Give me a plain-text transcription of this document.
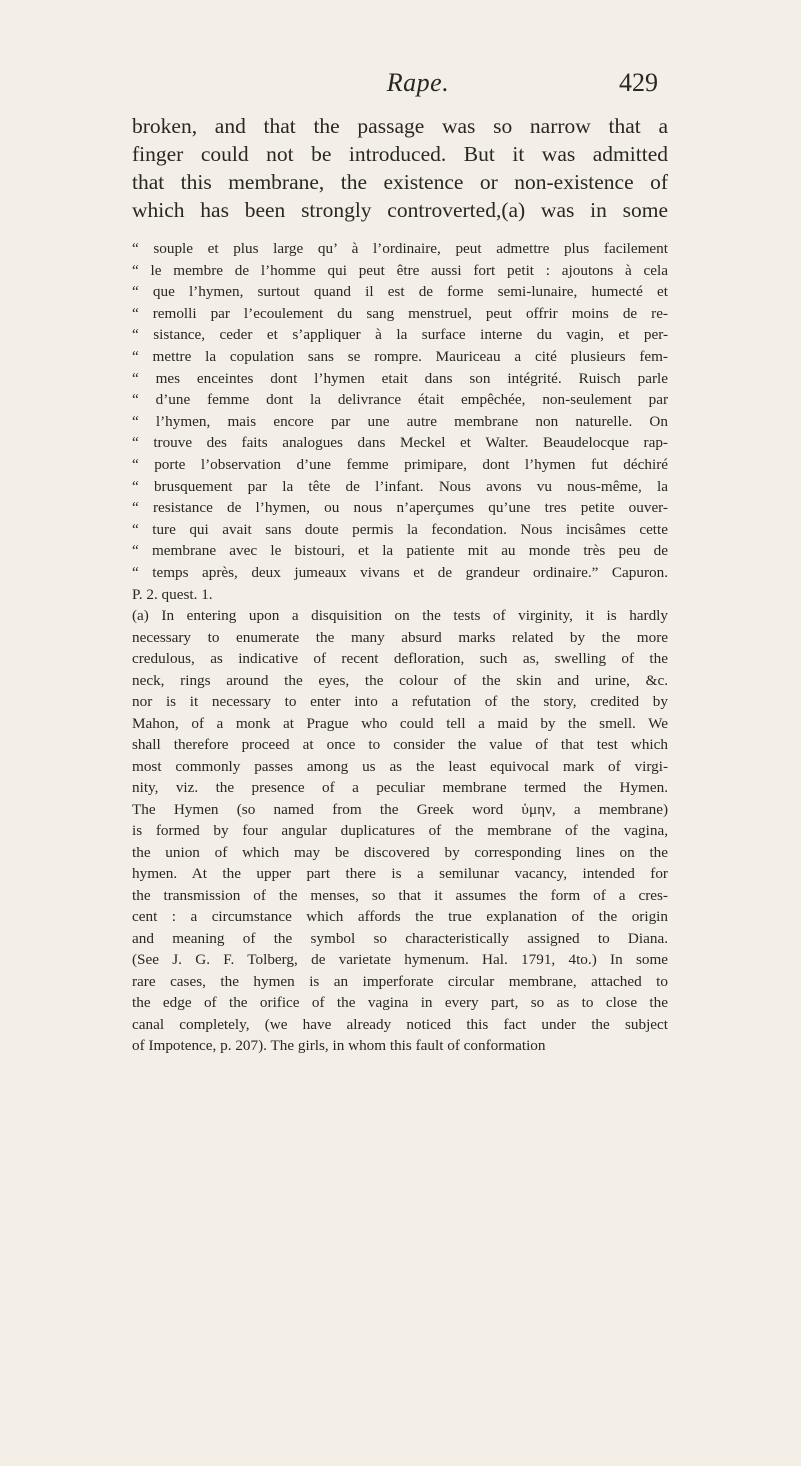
Rape.	429
broken, and that the passage was so narrow that a
finger could not be introduced. But it was admitted
that this membrane, the existence or non-existence of
which has been strongly controverted,(a) was in some
“ souple et plus large qu’ à l’ordinaire, peut admettre plus facilement
“ le membre de l’homme qui peut être aussi fort petit : ajoutons à cela
“ que l’hymen, surtout quand il est de forme semi-lunaire, humecté et
“ remolli par l’ecoulement du sang menstruel, peut offrir moins de re-
“ sistance, ceder et s’appliquer à la surface interne du vagin, et per-
“ mettre la copulation sans se rompre. Mauriceau a cité plusieurs fem-
“ mes enceintes dont l’hymen etait dans son intégrité. Ruisch parle
“ d’une femme dont la delivrance était empêchée, non-seulement par
“ l’hymen, mais encore par une autre membrane non naturelle. On
“ trouve des faits analogues dans Meckel et Walter. Beaudelocque rap-
“ porte l’observation d’une femme primipare, dont l’hymen fut déchiré
“ brusquement par la tête de l’infant. Nous avons vu nous-même, la
“ resistance de l’hymen, ou nous n’aperçumes qu’une tres petite ouver-
“ ture qui avait sans doute permis la fecondation. Nous incisâmes cette
“ membrane avec le bistouri, et la patiente mit au monde très peu de
“ temps après, deux jumeaux vivans et de grandeur ordinaire.” Capuron.
P. 2. quest. 1.
(a) In entering upon a disquisition on the tests of virginity, it is hardly
necessary to enumerate the many absurd marks related by the more
credulous, as indicative of recent defloration, such as, swelling of the
neck, rings around the eyes, the colour of the skin and urine, &c.
nor is it necessary to enter into a refutation of the story, credited by
Mahon, of a monk at Prague who could tell a maid by the smell. We
shall therefore proceed at once to consider the value of that test which
most commonly passes among us as the least equivocal mark of virgi-
nity, viz. the presence of a peculiar membrane termed the Hymen.
The Hymen (so named from the Greek word ὑμην, a membrane)
is formed by four angular duplicatures of the membrane of the vagina,
the union of which may be discovered by corresponding lines on the
hymen. At the upper part there is a semilunar vacancy, intended for
the transmission of the menses, so that it assumes the form of a cres-
cent : a circumstance which affords the true explanation of the origin
and meaning of the symbol so characteristically assigned to Diana.
(See J. G. F. Tolberg, de varietate hymenum. Hal. 1791, 4to.) In some
rare cases, the hymen is an imperforate circular membrane, attached to
the edge of the orifice of the vagina in every part, so as to close the
canal completely, (we have already noticed this fact under the subject
of Impotence, p. 207). The girls, in whom this fault of conformation
